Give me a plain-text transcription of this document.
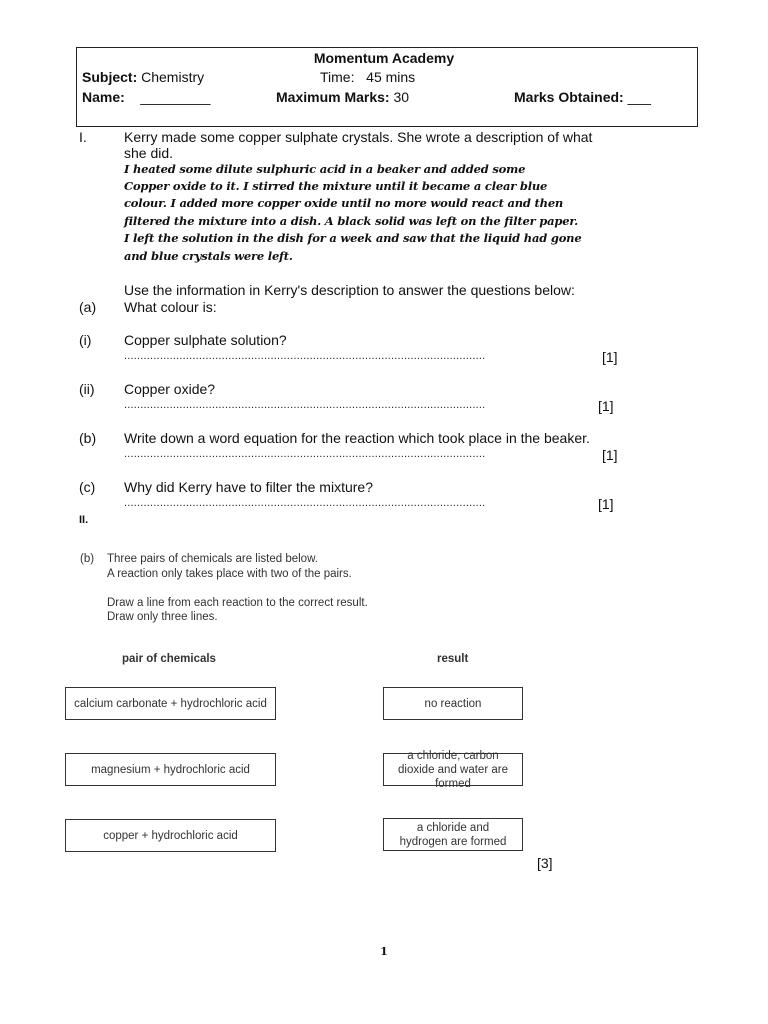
Momentum Academy
Subject: Chemistry	Time: 45 mins
Name: _________	Maximum Marks: 30	Marks Obtained: ___
I.	Kerry made some copper sulphate crystals. She wrote a description of what
she did.
I heated some dilute sulphuric acid in a beaker and added some
Copper oxide to it. I stirred the mixture until it became a clear blue
colour. I added more copper oxide until no more would react and then
filtered the mixture into a dish. A black solid was left on the filter paper.
I left the solution in the dish for a week and saw that the liquid had gone
and blue crystals were left.
Use the information in Kerry's description to answer the questions below:
(a) What colour is:
(i) Copper sulphate solution?
...............................................................................................................	[1]
(ii) Copper oxide?
...............................................................................................................	[1]
(b) Write down a word equation for the reaction which took place in the beaker.
...............................................................................................................	[1]
(c) Why did Kerry have to filter the mixture?
...............................................................................................................	[1]
II.
(b) Three pairs of chemicals are listed below.
A reaction only takes place with two of the pairs.
Draw a line from each reaction to the correct result.
Draw only three lines.
pair of chemicals	result
calcium carbonate + hydrochloric acid
magnesium + hydrochloric acid
copper + hydrochloric acid
no reaction
a chloride, carbon dioxide and water are formed
a chloride and hydrogen are formed
[3]
1
